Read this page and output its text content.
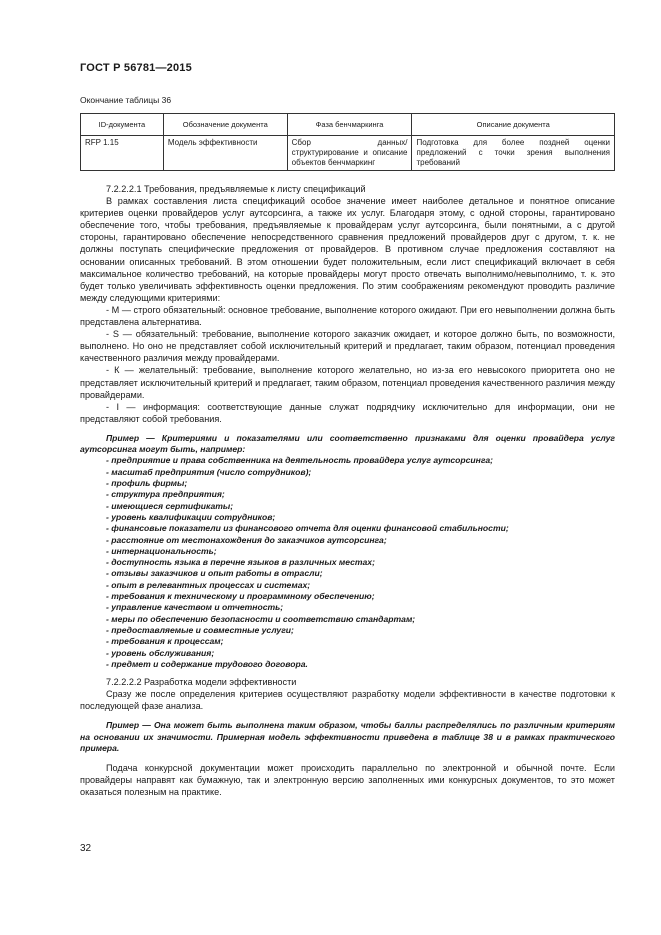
ГОСТ Р 56781—2015
Окончание таблицы 36
ID-документа	Обозначение документа	Фаза бенчмаркинга	Описание документа
RFP 1.15	Модель эффективности	Сбор данных/структурирование и описание объектов бенчмаркинг	Подготовка для более поздней оценки предложений с точки зрения выполнения требований

7.2.2.2.1 Требования, предъявляемые к листу спецификаций

В рамках составления листа спецификаций особое значение имеет наиболее детальное и понятное описание критериев оценки провайдеров услуг аутсорсинга, а также их услуг. Благодаря этому, с одной стороны, гарантировано обеспечение того, чтобы требования, предъявляемые к провайдерам услуг аутсорсинга, были понятными, а с другой стороны, гарантировано обеспечение непосредственного сравнения предложений провайдеров друг с другом, т. к. не должны поступать специфические предложения от провайдеров. В противном случае предложения составляют на основании описанных требований. В этом отношении будет положительным, если лист спецификаций включает в себя максимальное количество требований, на которые провайдеры могут просто отвечать выполнимо/невыполнимо, т. к. это будет только увеличивать эффективность оценки предложения. По этим соображениям рекомендуют проводить различие между следующими критериями:

- М — строго обязательный: основное требование, выполнение которого ожидают. При его невыполнении должна быть представлена альтернатива.

- S — обязательный: требование, выполнение которого заказчик ожидает, и которое должно быть, по возможности, выполнено. Но оно не представляет собой исключительный критерий и предлагает, таким образом, потенциал проведения качественного различия между провайдерами.

- К — желательный: требование, выполнение которого желательно, но из-за его невысокого приоритета оно не представляет исключительный критерий и предлагает, таким образом, потенциал проведения качественного различия между провайдерами.

- I — информация: соответствующие данные служат подрядчику исключительно для информации, они не представляют собой требования.

Пример — Критериями и показателями или соответственно признаками для оценки провайдера услуг аутсорсинга могут быть, например:

- предприятие и права собственника на деятельность провайдера услуг аутсорсинга;

- масштаб предприятия (число сотрудников);

- профиль фирмы;

- структура предприятия;

- имеющиеся сертификаты;

- уровень квалификации сотрудников;

- финансовые показатели из финансового отчета для оценки финансовой стабильности;

- расстояние от местонахождения до заказчиков аутсорсинга;

- интернациональность;

- доступность языка в перечне языков в различных местах;

- отзывы заказчиков и опыт работы в отрасли;

- опыт в релевантных процессах и системах;

- требования к техническому и программному обеспечению;

- управление качеством и отчетность;

- меры по обеспечению безопасности и соответствию стандартам;

- предоставляемые и совместные услуги;

- требования к процессам;

- уровень обслуживания;

- предмет и содержание трудового договора.

7.2.2.2.2 Разработка модели эффективности

Сразу же после определения критериев осуществляют разработку модели эффективности в качестве подготовки к последующей фазе анализа.

Пример — Она может быть выполнена таким образом, чтобы баллы распределялись по различным критериям на основании их значимости. Примерная модель эффективности приведена в таблице 38 и в рамках практического примера.

Подача конкурсной документации может происходить параллельно по электронной и обычной почте. Если провайдеры направят как бумажную, так и электронную версию заполненных ими конкурсных документов, то это может оказаться полезным на практике.

32
